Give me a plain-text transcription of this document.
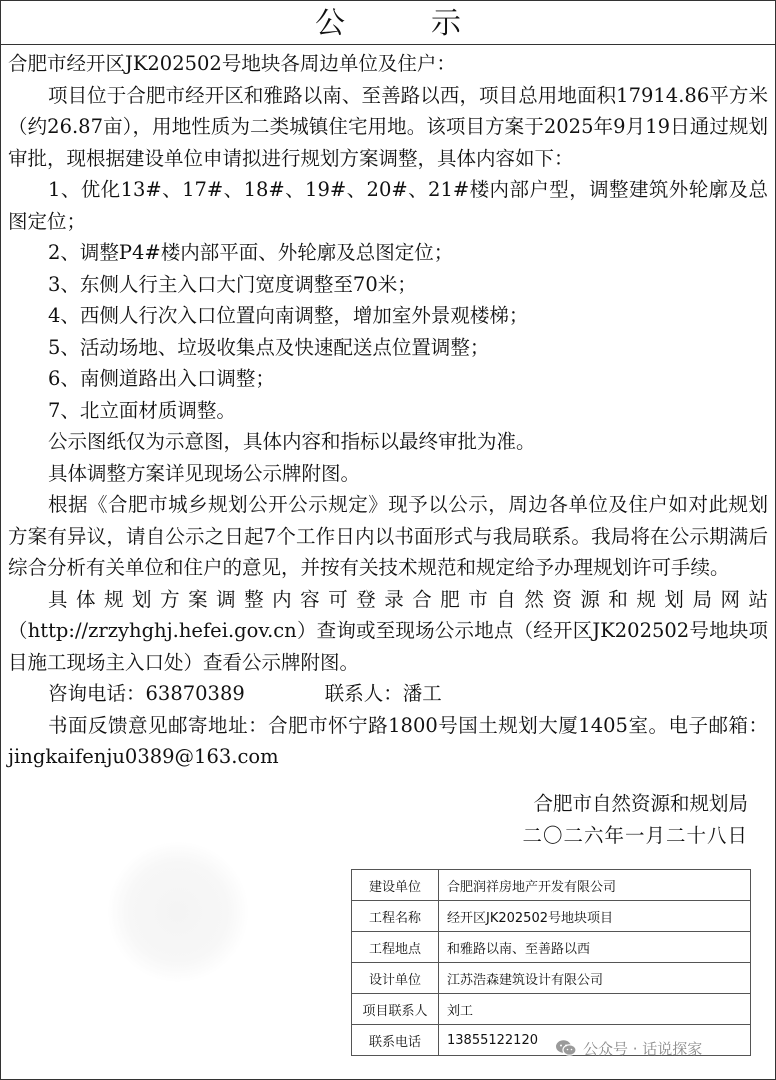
公示

合肥市经开区JK202502号地块各周边单位及住户：

项目位于合肥市经开区和雅路以南、至善路以西，项目总用地面积17914.86平方米（约26.87亩），用地性质为二类城镇住宅用地。该项目方案于2025年9月19日通过规划审批，现根据建设单位申请拟进行规划方案调整，具体内容如下：

1、优化13#、17#、18#、19#、20#、21#楼内部户型，调整建筑外轮廓及总图定位；

2、调整P4#楼内部平面、外轮廓及总图定位；

3、东侧人行主入口大门宽度调整至70米；

4、西侧人行次入口位置向南调整，增加室外景观楼梯；

5、活动场地、垃圾收集点及快速配送点位置调整；

6、南侧道路出入口调整；

7、北立面材质调整。

公示图纸仅为示意图，具体内容和指标以最终审批为准。

具体调整方案详见现场公示牌附图。

根据《合肥市城乡规划公开公示规定》现予以公示，周边各单位及住户如对此规划方案有异议，请自公示之日起7个工作日内以书面形式与我局联系。我局将在公示期满后综合分析有关单位和住户的意见，并按有关技术规范和规定给予办理规划许可手续。

具体规划方案调整内容可登录合肥市自然资源和规划局网站（http://zrzyhghj.hefei.gov.cn）查询或至现场公示地点（经开区JK202502号地块项目施工现场主入口处）查看公示牌附图。

咨询电话：63870389	联系人：潘工

书面反馈意见邮寄地址：合肥市怀宁路1800号国土规划大厦1405室。电子邮箱：jingkaifenju0389@163.com

合肥市自然资源和规划局
二〇二六年一月二十八日
建设单位	合肥润祥房地产开发有限公司
工程名称	经开区JK202502号地块项目
工程地点	和雅路以南、至善路以西
设计单位	江苏浩森建筑设计有限公司
项目联系人	刘工
联系电话	13855122120	公众号 · 话说探家
